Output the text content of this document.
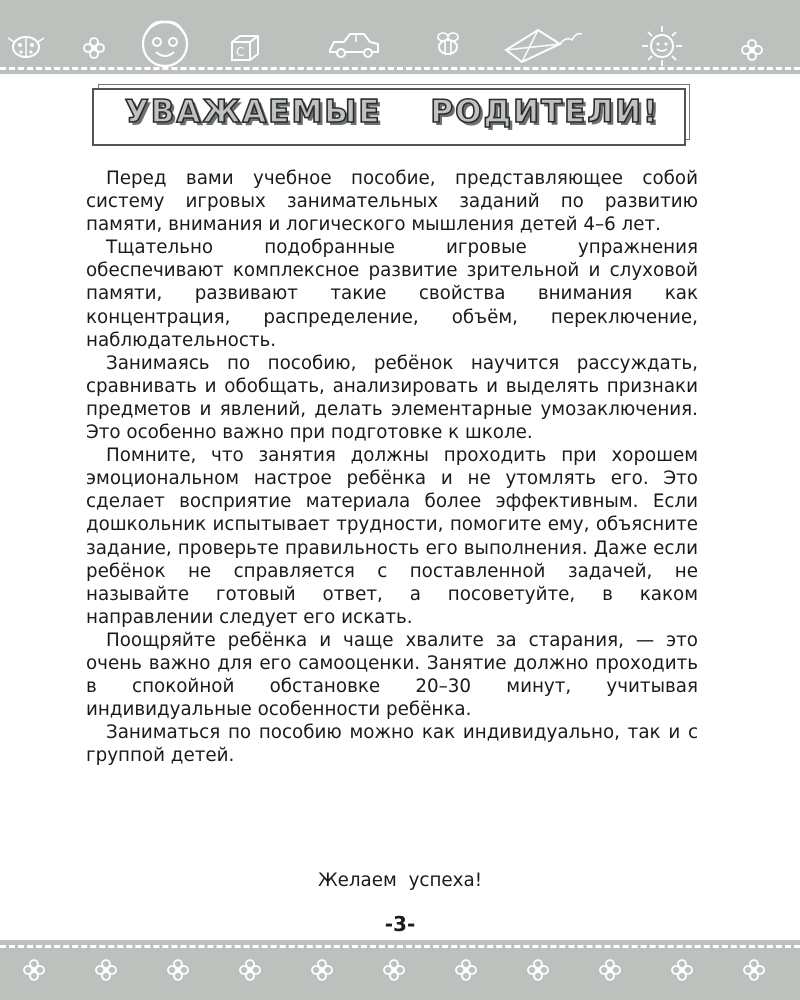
C
УВАЖАЕМЫЕ РОДИТЕЛИ!

Перед вами учебное пособие, представляющее собой систему игровых занимательных заданий по развитию памяти, внимания и логического мышления детей 4–6 лет.

Тщательно подобранные игровые упражнения обеспечивают комплексное развитие зрительной и слуховой памяти, развивают такие свойства внимания как концентрация, распределение, объём, переключение, наблюдательность.

Занимаясь по пособию, ребёнок научится рассуждать, сравнивать и обобщать, анализировать и выделять признаки предметов и явлений, делать элементарные умозаключения. Это особенно важно при подготовке к школе.

Помните, что занятия должны проходить при хорошем эмоциональном настрое ребёнка и не утомлять его. Это сделает восприятие материала более эффективным. Если дошкольник испытывает трудности, помогите ему, объясните задание, проверьте правильность его выполнения. Даже если ребёнок не справляется с поставленной задачей, не называйте готовый ответ, а посоветуйте, в каком направлении следует его искать.

Поощряйте ребёнка и чаще хвалите за старания, — это очень важно для его самооценки. Занятие должно проходить в спокойной обстановке 20–30 минут, учитывая индивидуальные особенности ребёнка.

Заниматься по пособию можно как индивидуально, так и с группой детей.

Желаем успеха!
-3-
